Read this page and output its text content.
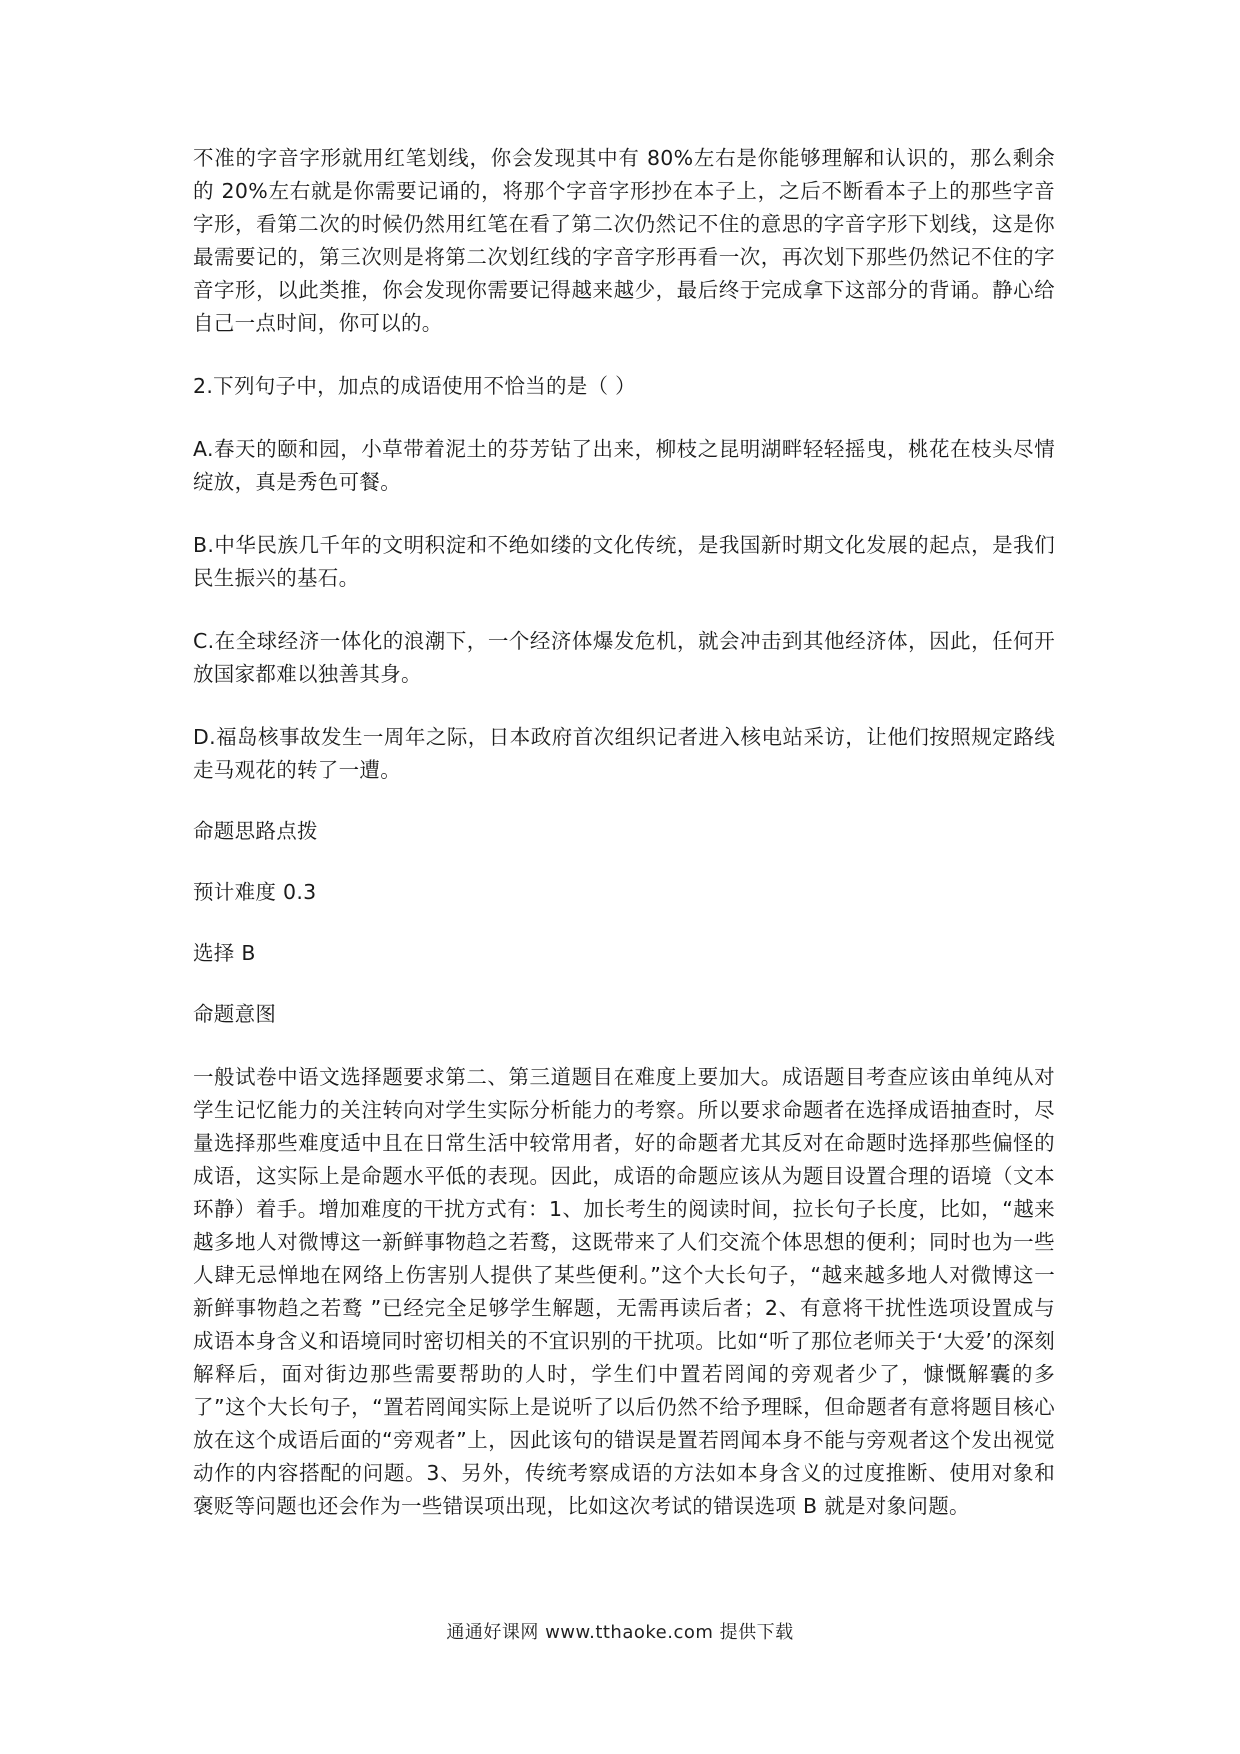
不准的字音字形就用红笔划线，你会发现其中有 80%左右是你能够理解和认识的，那么剩余的 20%左右就是你需要记诵的，将那个字音字形抄在本子上，之后不断看本子上的那些字音字形，看第二次的时候仍然用红笔在看了第二次仍然记不住的意思的字音字形下划线，这是你最需要记的，第三次则是将第二次划红线的字音字形再看一次，再次划下那些仍然记不住的字音字形，以此类推，你会发现你需要记得越来越少，最后终于完成拿下这部分的背诵。静心给自己一点时间，你可以的。

2.下列句子中，加点的成语使用不恰当的是（ ）

A.春天的颐和园，小草带着泥土的芬芳钻了出来，柳枝之昆明湖畔轻轻摇曳，桃花在枝头尽情绽放，真是秀色可餐。

B.中华民族几千年的文明积淀和不绝如缕的文化传统，是我国新时期文化发展的起点，是我们民生振兴的基石。

C.在全球经济一体化的浪潮下，一个经济体爆发危机，就会冲击到其他经济体，因此，任何开放国家都难以独善其身。

D.福岛核事故发生一周年之际，日本政府首次组织记者进入核电站采访，让他们按照规定路线走马观花的转了一遭。

命题思路点拨

预计难度 0.3

选择 B

命题意图

一般试卷中语文选择题要求第二、第三道题目在难度上要加大。成语题目考查应该由单纯从对学生记忆能力的关注转向对学生实际分析能力的考察。所以要求命题者在选择成语抽查时，尽量选择那些难度适中且在日常生活中较常用者，好的命题者尤其反对在命题时选择那些偏怪的成语，这实际上是命题水平低的表现。因此，成语的命题应该从为题目设置合理的语境（文本环静）着手。增加难度的干扰方式有：1、加长考生的阅读时间，拉长句子长度，比如，“越来越多地人对微博这一新鲜事物趋之若鹜，这既带来了人们交流个体思想的便利；同时也为一些人肆无忌惮地在网络上伤害别人提供了某些便利。”这个大长句子，“越来越多地人对微博这一新鲜事物趋之若鹜 ”已经完全足够学生解题，无需再读后者；2、有意将干扰性选项设置成与成语本身含义和语境同时密切相关的不宜识别的干扰项。比如“听了那位老师关于‘大爱’的深刻解释后，面对街边那些需要帮助的人时，学生们中置若罔闻的旁观者少了，慷慨解囊的多了”这个大长句子，“置若罔闻实际上是说听了以后仍然不给予理睬，但命题者有意将题目核心放在这个成语后面的“旁观者”上，因此该句的错误是置若罔闻本身不能与旁观者这个发出视觉动作的内容搭配的问题。3、另外，传统考察成语的方法如本身含义的过度推断、使用对象和褒贬等问题也还会作为一些错误项出现，比如这次考试的错误选项 B 就是对象问题。

通通好课网 www.tthaoke.com 提供下载
